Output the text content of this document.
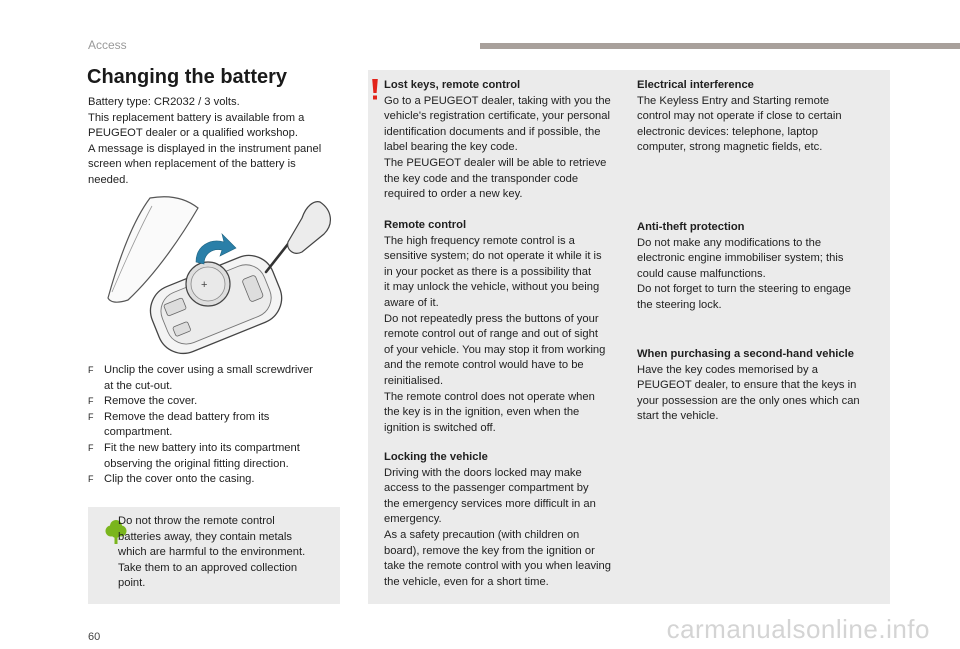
Access
Changing the battery
Battery type: CR2032 / 3 volts.
This replacement battery is available from a
PEUGEOT dealer or a qualified workshop.
A message is displayed in the instrument panel
screen when replacement of the battery is
needed.
+
F Unclip the cover using a small screwdriver
at the cut-out.
F Remove the cover.
F Remove the dead battery from its
compartment.
F Fit the new battery into its compartment
observing the original fitting direction.
F Clip the cover onto the casing.
Do not throw the remote control
batteries away, they contain metals
which are harmful to the environment.
Take them to an approved collection
point.
Lost keys, remote control
Go to a PEUGEOT dealer, taking with you the
vehicle's registration certificate, your personal
identification documents and if possible, the
label bearing the key code.
The PEUGEOT dealer will be able to retrieve
the key code and the transponder code
required to order a new key.
Remote control
The high frequency remote control is a
sensitive system; do not operate it while it is
in your pocket as there is a possibility that
it may unlock the vehicle, without you being
aware of it.
Do not repeatedly press the buttons of your
remote control out of range and out of sight
of your vehicle. You may stop it from working
and the remote control would have to be
reinitialised.
The remote control does not operate when
the key is in the ignition, even when the
ignition is switched off.
Locking the vehicle
Driving with the doors locked may make
access to the passenger compartment by
the emergency services more difficult in an
emergency.
As a safety precaution (with children on
board), remove the key from the ignition or
take the remote control with you when leaving
the vehicle, even for a short time.
Electrical interference
The Keyless Entry and Starting remote
control may not operate if close to certain
electronic devices: telephone, laptop
computer, strong magnetic fields, etc.
Anti-theft protection
Do not make any modifications to the
electronic engine immobiliser system; this
could cause malfunctions.
Do not forget to turn the steering to engage
the steering lock.
When purchasing a second-hand vehicle
Have the key codes memorised by a
PEUGEOT dealer, to ensure that the keys in
your possession are the only ones which can
start the vehicle.
60	carmanualsonline.info
